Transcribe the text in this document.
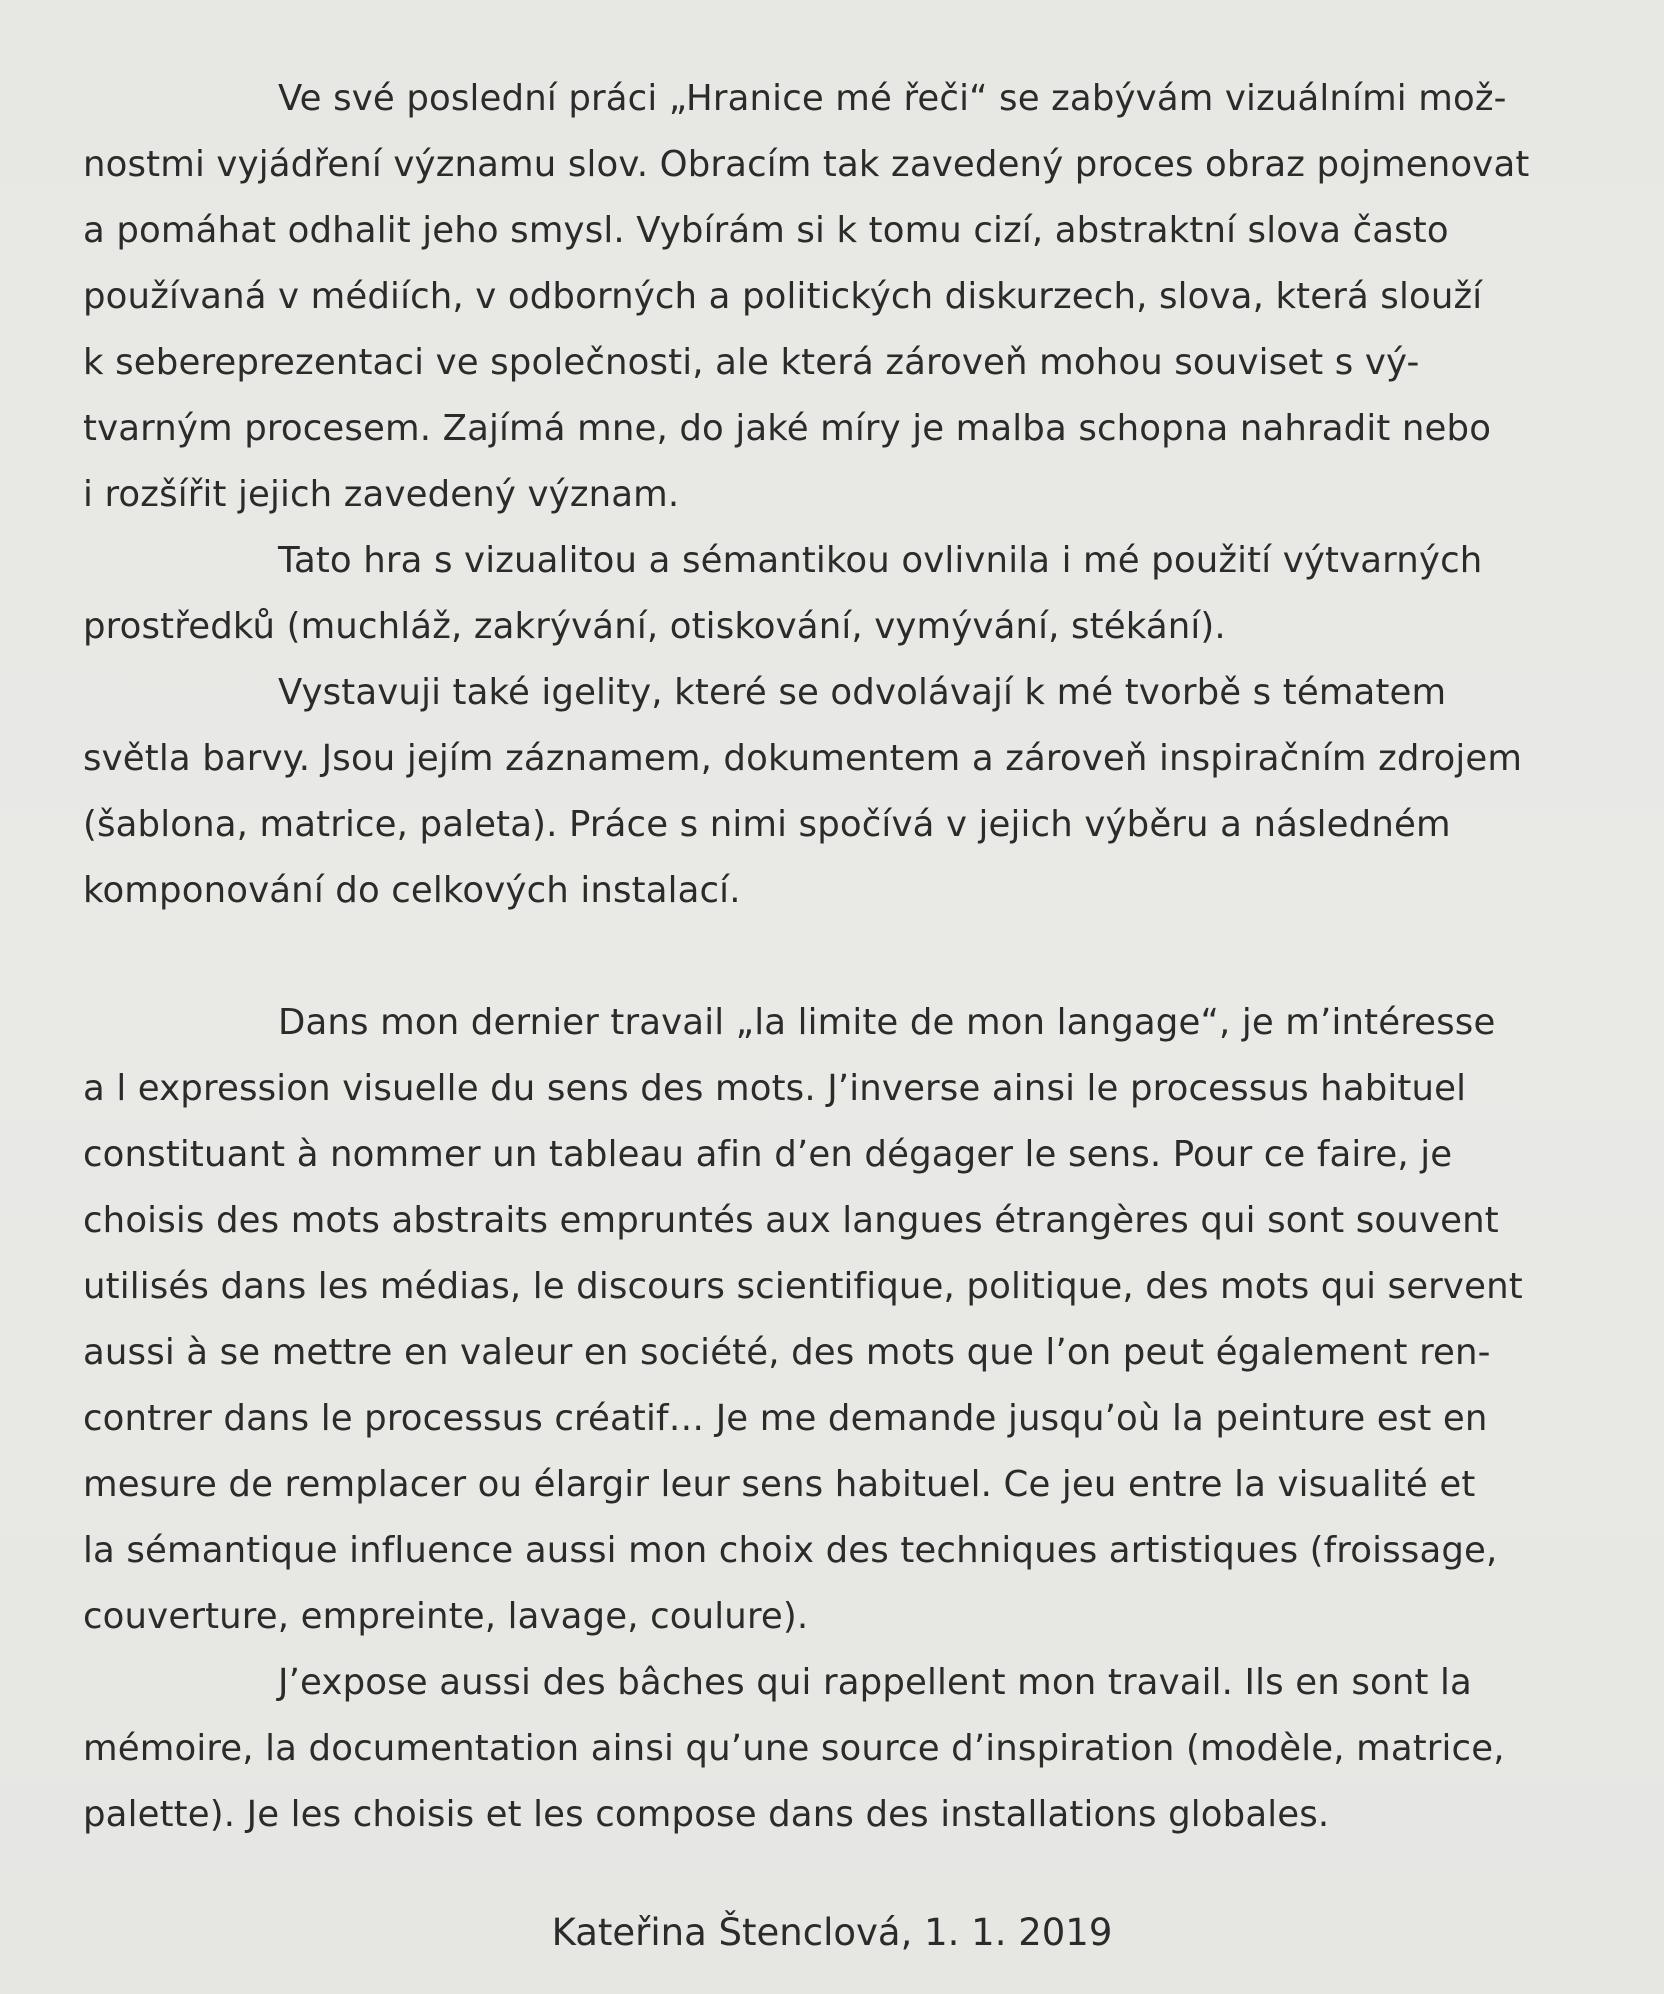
Ve své poslední práci „Hranice mé řeči“ se zabývám vizuálními mož-
nostmi vyjádření významu slov. Obracím tak zavedený proces obraz pojmenovat
a pomáhat odhalit jeho smysl. Vybírám si k tomu cizí, abstraktní slova často
používaná v médiích, v odborných a politických diskurzech, slova, která slouží
k sebereprezentaci ve společnosti, ale která zároveň mohou souviset s vý-
tvarným procesem. Zajímá mne, do jaké míry je malba schopna nahradit nebo
i rozšířit jejich zavedený význam.
Tato hra s vizualitou a sémantikou ovlivnila i mé použití výtvarných
prostředků (muchláž, zakrývání, otiskování, vymývání, stékání).
Vystavuji také igelity, které se odvolávají k mé tvorbě s tématem
světla barvy. Jsou jejím záznamem, dokumentem a zároveň inspiračním zdrojem
(šablona, matrice, paleta). Práce s nimi spočívá v jejich výběru a následném
komponování do celkových instalací.
Dans mon dernier travail „la limite de mon langage“, je m’intéresse
a l expression visuelle du sens des mots. J’inverse ainsi le processus habituel
constituant à nommer un tableau afin d’en dégager le sens. Pour ce faire, je
choisis des mots abstraits empruntés aux langues étrangères qui sont souvent
utilisés dans les médias, le discours scientifique, politique, des mots qui servent
aussi à se mettre en valeur en société, des mots que l’on peut également ren-
contrer dans le processus créatif… Je me demande jusqu’où la peinture est en
mesure de remplacer ou élargir leur sens habituel. Ce jeu entre la visualité et
la sémantique influence aussi mon choix des techniques artistiques (froissage,
couverture, empreinte, lavage, coulure).
J’expose aussi des bâches qui rappellent mon travail. Ils en sont la
mémoire, la documentation ainsi qu’une source d’inspiration (modèle, matrice,
palette). Je les choisis et les compose dans des installations globales.
Kateřina Štenclová, 1. 1. 2019
